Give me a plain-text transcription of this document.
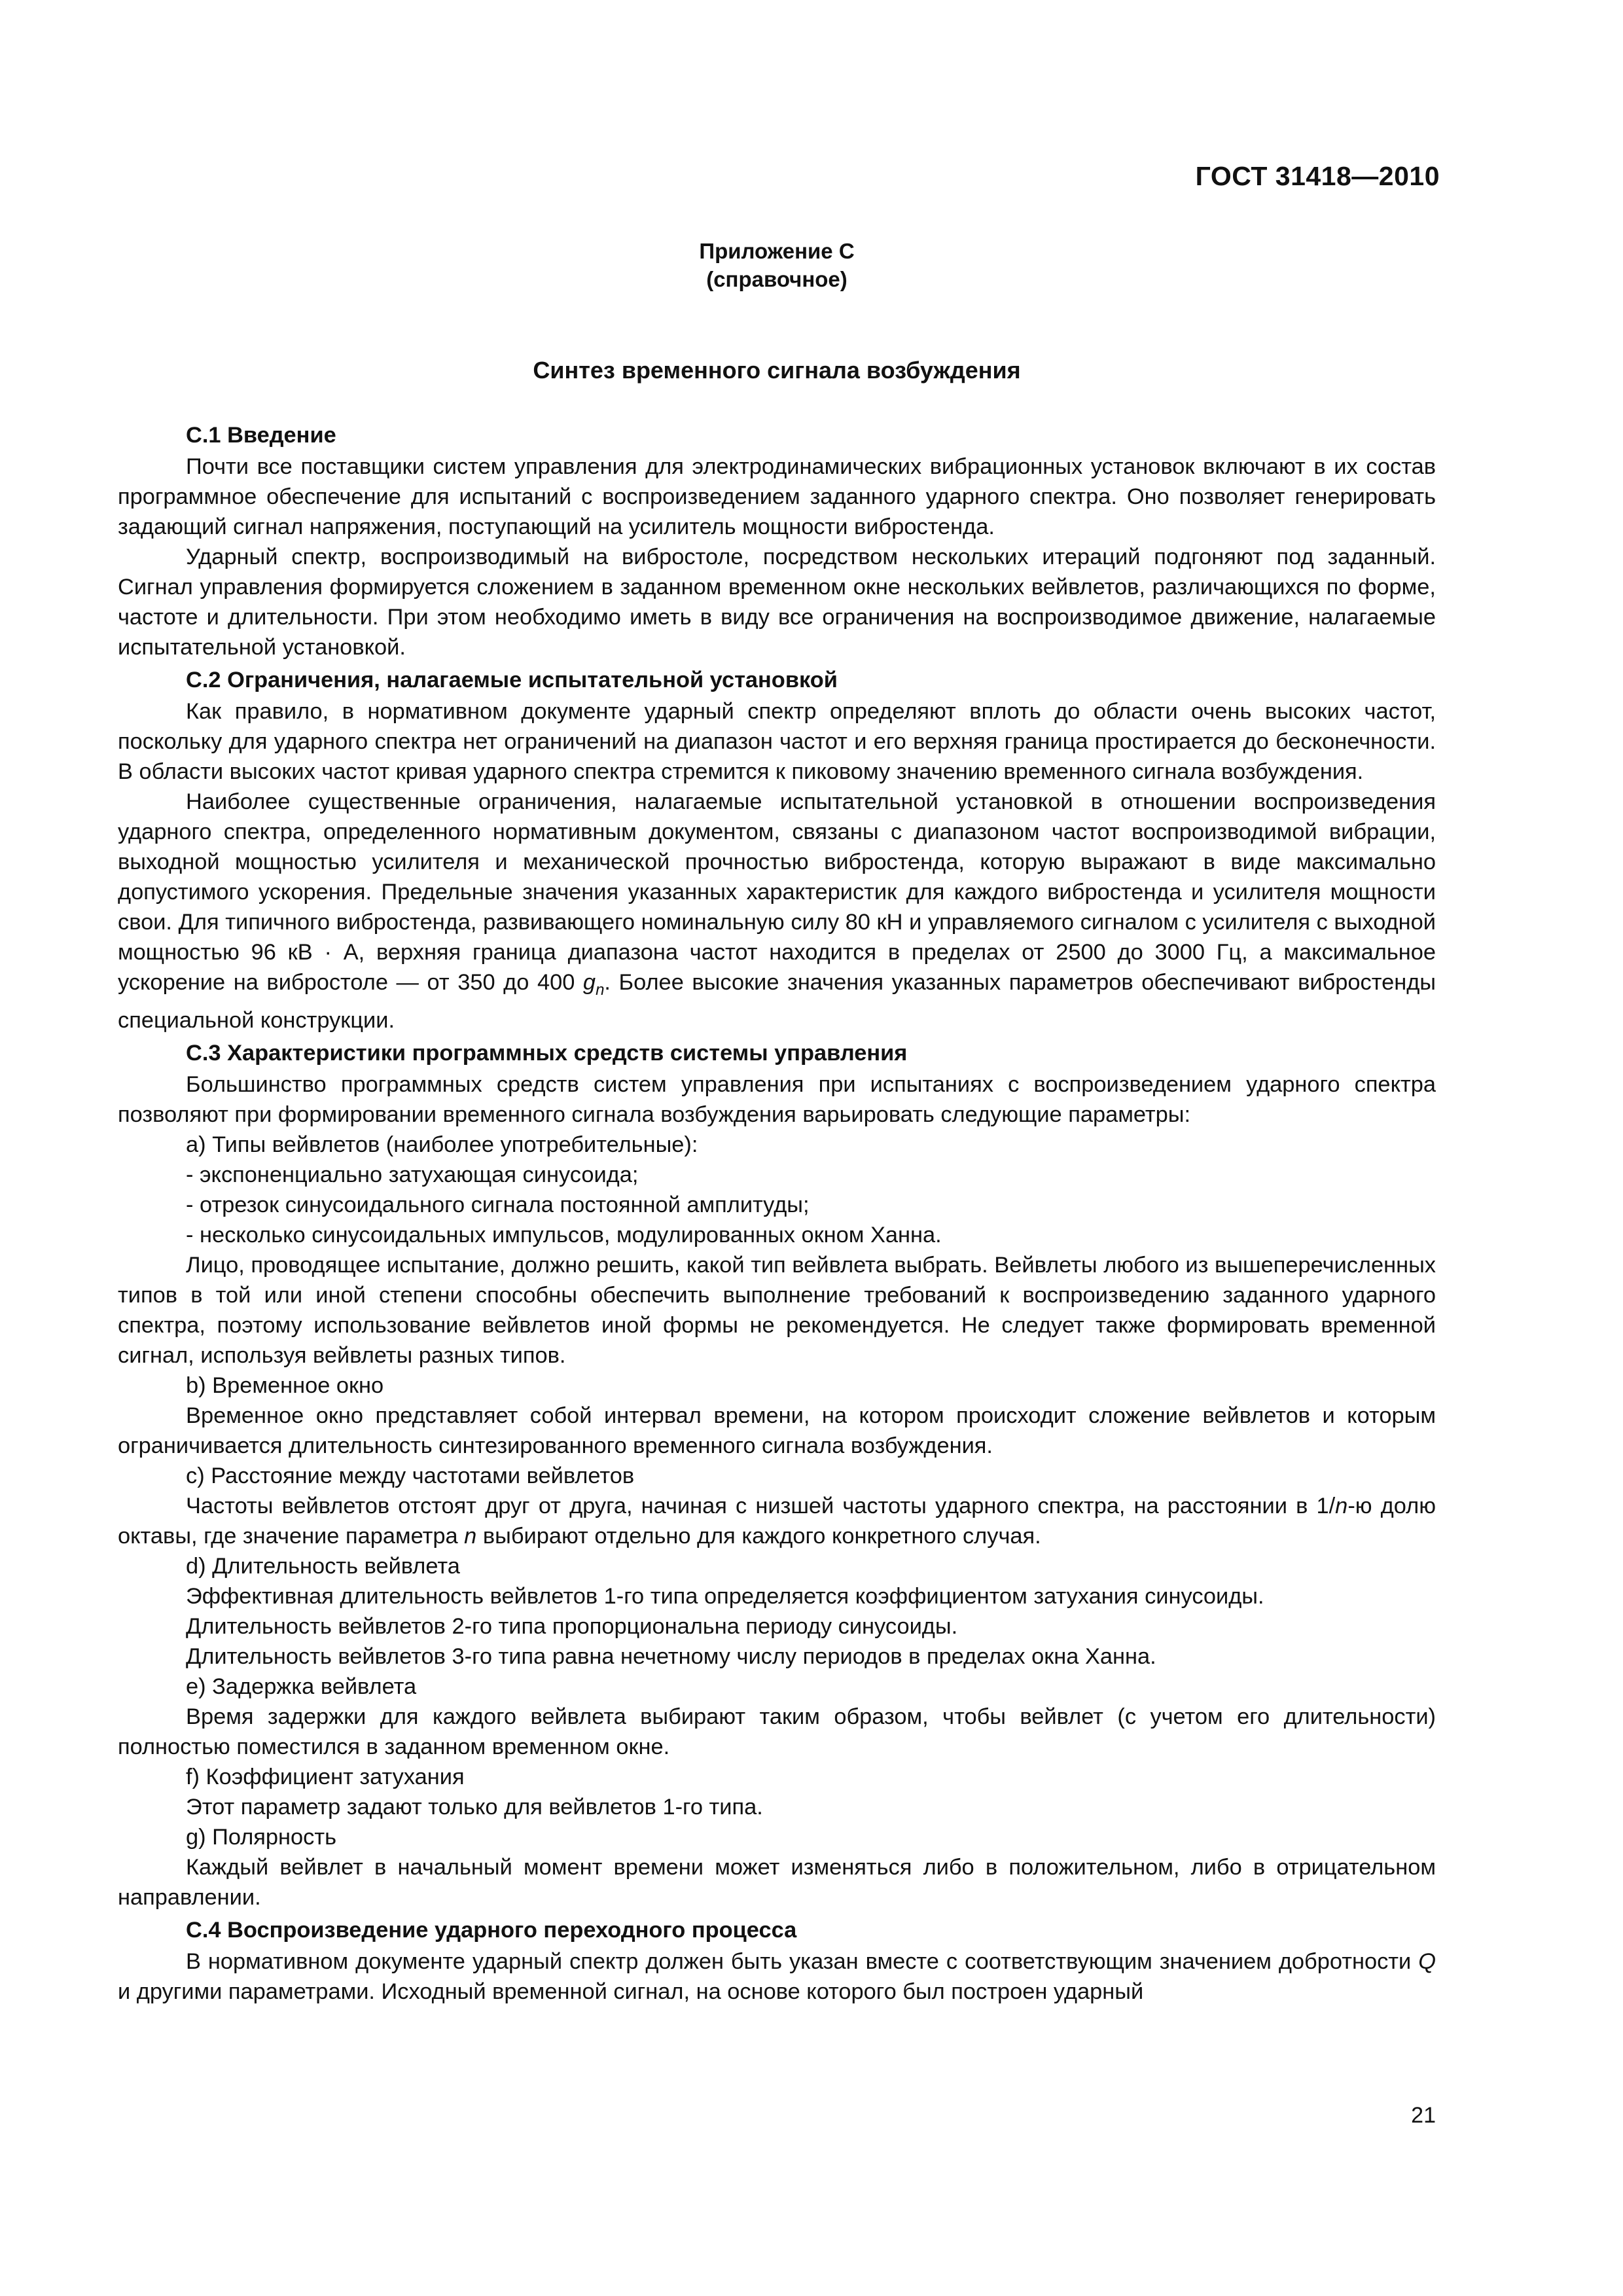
ГОСТ 31418—2010
Приложение С
(справочное)
Синтез временного сигнала возбуждения
С.1 Введение

Почти все поставщики систем управления для электродинамических вибрационных установок включают в их состав программное обеспечение для испытаний с воспроизведением заданного ударного спектра. Оно позволяет генерировать задающий сигнал напряжения, поступающий на усилитель мощности вибростенда.

Ударный спектр, воспроизводимый на вибростоле, посредством нескольких итераций подгоняют под заданный. Сигнал управления формируется сложением в заданном временном окне нескольких вейвлетов, различающихся по форме, частоте и длительности. При этом необходимо иметь в виду все ограничения на воспроизводимое движение, налагаемые испытательной установкой.

С.2 Ограничения, налагаемые испытательной установкой

Как правило, в нормативном документе ударный спектр определяют вплоть до области очень высоких частот, поскольку для ударного спектра нет ограничений на диапазон частот и его верхняя граница простирается до бесконечности. В области высоких частот кривая ударного спектра стремится к пиковому значению временного сигнала возбуждения.

Наиболее существенные ограничения, налагаемые испытательной установкой в отношении воспроизведения ударного спектра, определенного нормативным документом, связаны с диапазоном частот воспроизводимой вибрации, выходной мощностью усилителя и механической прочностью вибростенда, которую выражают в виде максимально допустимого ускорения. Предельные значения указанных характеристик для каждого вибростенда и усилителя мощности свои. Для типичного вибростенда, развивающего номинальную силу 80 кН и управляемого сигналом с усилителя с выходной мощностью 96 кВ · А, верхняя граница диапазона частот находится в пределах от 2500 до 3000 Гц, а максимальное ускорение на вибростоле — от 350 до 400 $g_n$. Более высокие значения указанных параметров обеспечивают вибростенды специальной конструкции.

С.3 Характеристики программных средств системы управления

Большинство программных средств систем управления при испытаниях с воспроизведением ударного спектра позволяют при формировании временного сигнала возбуждения варьировать следующие параметры:

a) Типы вейвлетов (наиболее употребительные):

- экспоненциально затухающая синусоида;

- отрезок синусоидального сигнала постоянной амплитуды;

- несколько синусоидальных импульсов, модулированных окном Ханна.

Лицо, проводящее испытание, должно решить, какой тип вейвлета выбрать. Вейвлеты любого из вышеперечисленных типов в той или иной степени способны обеспечить выполнение требований к воспроизведению заданного ударного спектра, поэтому использование вейвлетов иной формы не рекомендуется. Не следует также формировать временной сигнал, используя вейвлеты разных типов.

b) Временное окно

Временное окно представляет собой интервал времени, на котором происходит сложение вейвлетов и которым ограничивается длительность синтезированного временного сигнала возбуждения.

c) Расстояние между частотами вейвлетов

Частоты вейвлетов отстоят друг от друга, начиная с низшей частоты ударного спектра, на расстоянии в 1/n-ю долю октавы, где значение параметра n выбирают отдельно для каждого конкретного случая.

d) Длительность вейвлета

Эффективная длительность вейвлетов 1-го типа определяется коэффициентом затухания синусоиды.

Длительность вейвлетов 2-го типа пропорциональна периоду синусоиды.

Длительность вейвлетов 3-го типа равна нечетному числу периодов в пределах окна Ханна.

e) Задержка вейвлета

Время задержки для каждого вейвлета выбирают таким образом, чтобы вейвлет (с учетом его длительности) полностью поместился в заданном временном окне.

f) Коэффициент затухания

Этот параметр задают только для вейвлетов 1-го типа.

g) Полярность

Каждый вейвлет в начальный момент времени может изменяться либо в положительном, либо в отрицательном направлении.

С.4 Воспроизведение ударного переходного процесса

В нормативном документе ударный спектр должен быть указан вместе с соответствующим значением добротности Q и другими параметрами. Исходный временной сигнал, на основе которого был построен ударный

21
